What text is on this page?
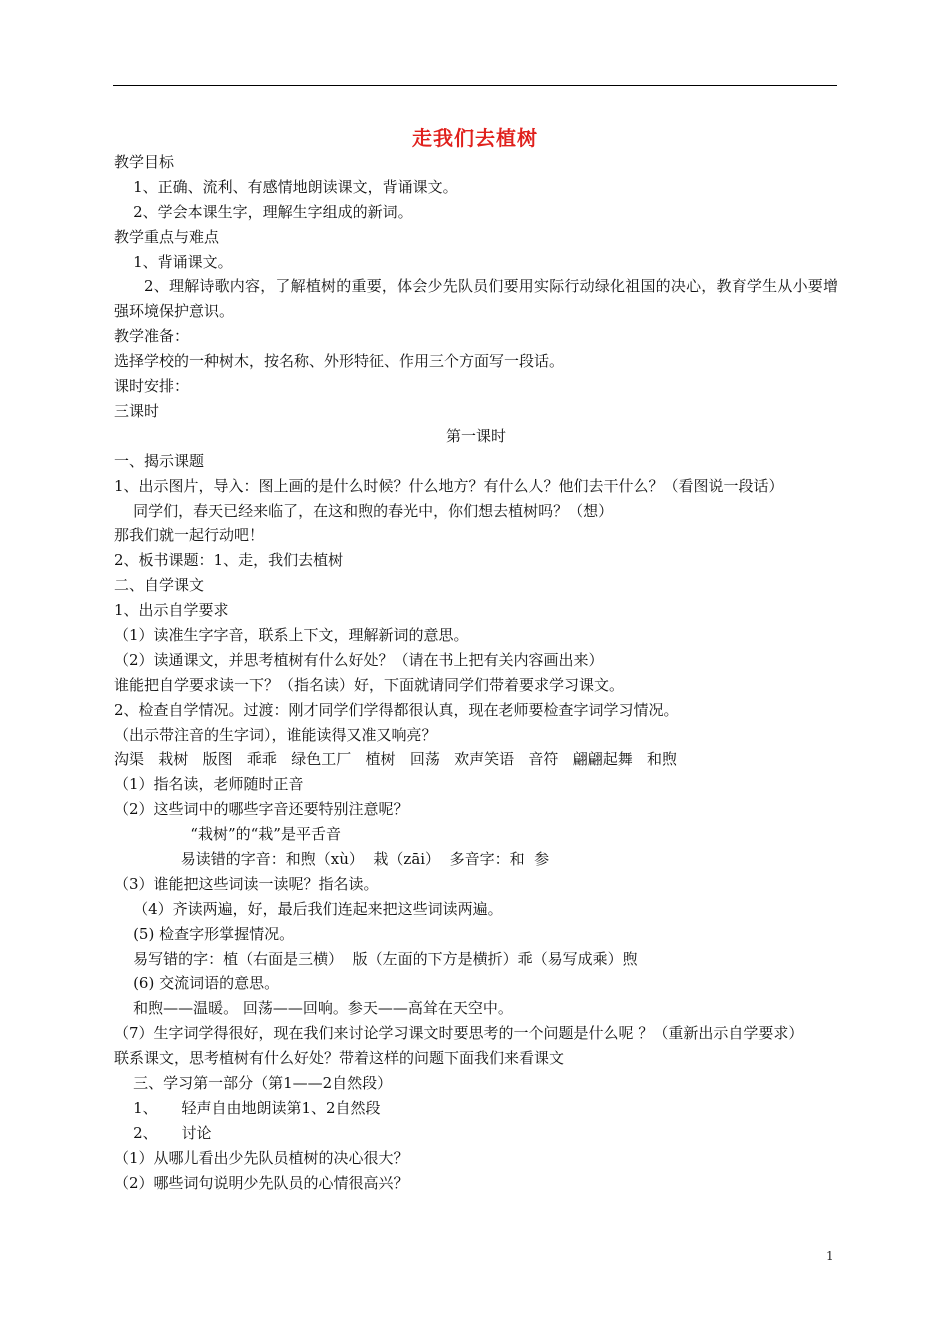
走我们去植树
教学目标
1、正确、流利、有感情地朗读课文，背诵课文。
2、学会本课生字，理解生字组成的新词。
教学重点与难点
1、背诵课文。
2、理解诗歌内容，了解植树的重要，体会少先队员们要用实际行动绿化祖国的决心，教育学生从小要增强环境保护意识。
教学准备：
选择学校的一种树木，按名称、外形特征、作用三个方面写一段话。
课时安排：
三课时
第一课时
一、揭示课题
1、出示图片，导入：图上画的是什么时候？什么地方？有什么人？他们去干什么？（看图说一段话）
同学们，春天已经来临了，在这和煦的春光中，你们想去植树吗？（想）
那我们就一起行动吧！
2、板书课题：1、走，我们去植树
二、自学课文
1、出示自学要求
（1）读准生字字音，联系上下文，理解新词的意思。
（2）读通课文，并思考植树有什么好处？（请在书上把有关内容画出来）
谁能把自学要求读一下？（指名读）好，下面就请同学们带着要求学习课文。
2、检查自学情况。过渡：刚才同学们学得都很认真，现在老师要检查字词学习情况。
（出示带注音的生字词），谁能读得又准又响亮？
沟渠   栽树   版图   乖乖   绿色工厂   植树   回荡   欢声笑语   音符   翩翩起舞   和煦
（1）指名读，老师随时正音
（2）这些词中的哪些字音还要特别注意呢？
“栽树”的“栽”是平舌音
易读错的字音：和煦（xù）  栽（zāi）  多音字：和  参
（3）谁能把这些词读一读呢？指名读。
（4）齐读两遍，好，最后我们连起来把这些词读两遍。
(5) 检查字形掌握情况。
易写错的字：植（右面是三横）  版（左面的下方是横折）乖（易写成乘）煦
(6) 交流词语的意思。
和煦——温暖。 回荡——回响。参天——高耸在天空中。
（7）生字词学得很好，现在我们来讨论学习课文时要思考的一个问题是什么呢 ？（重新出示自学要求）
联系课文，思考植树有什么好处？带着这样的问题下面我们来看课文
三、学习第一部分（第1——2自然段）
1、     轻声自由地朗读第1、2自然段
2、     讨论
（1）从哪儿看出少先队员植树的决心很大？
（2）哪些词句说明少先队员的心情很高兴？
1
